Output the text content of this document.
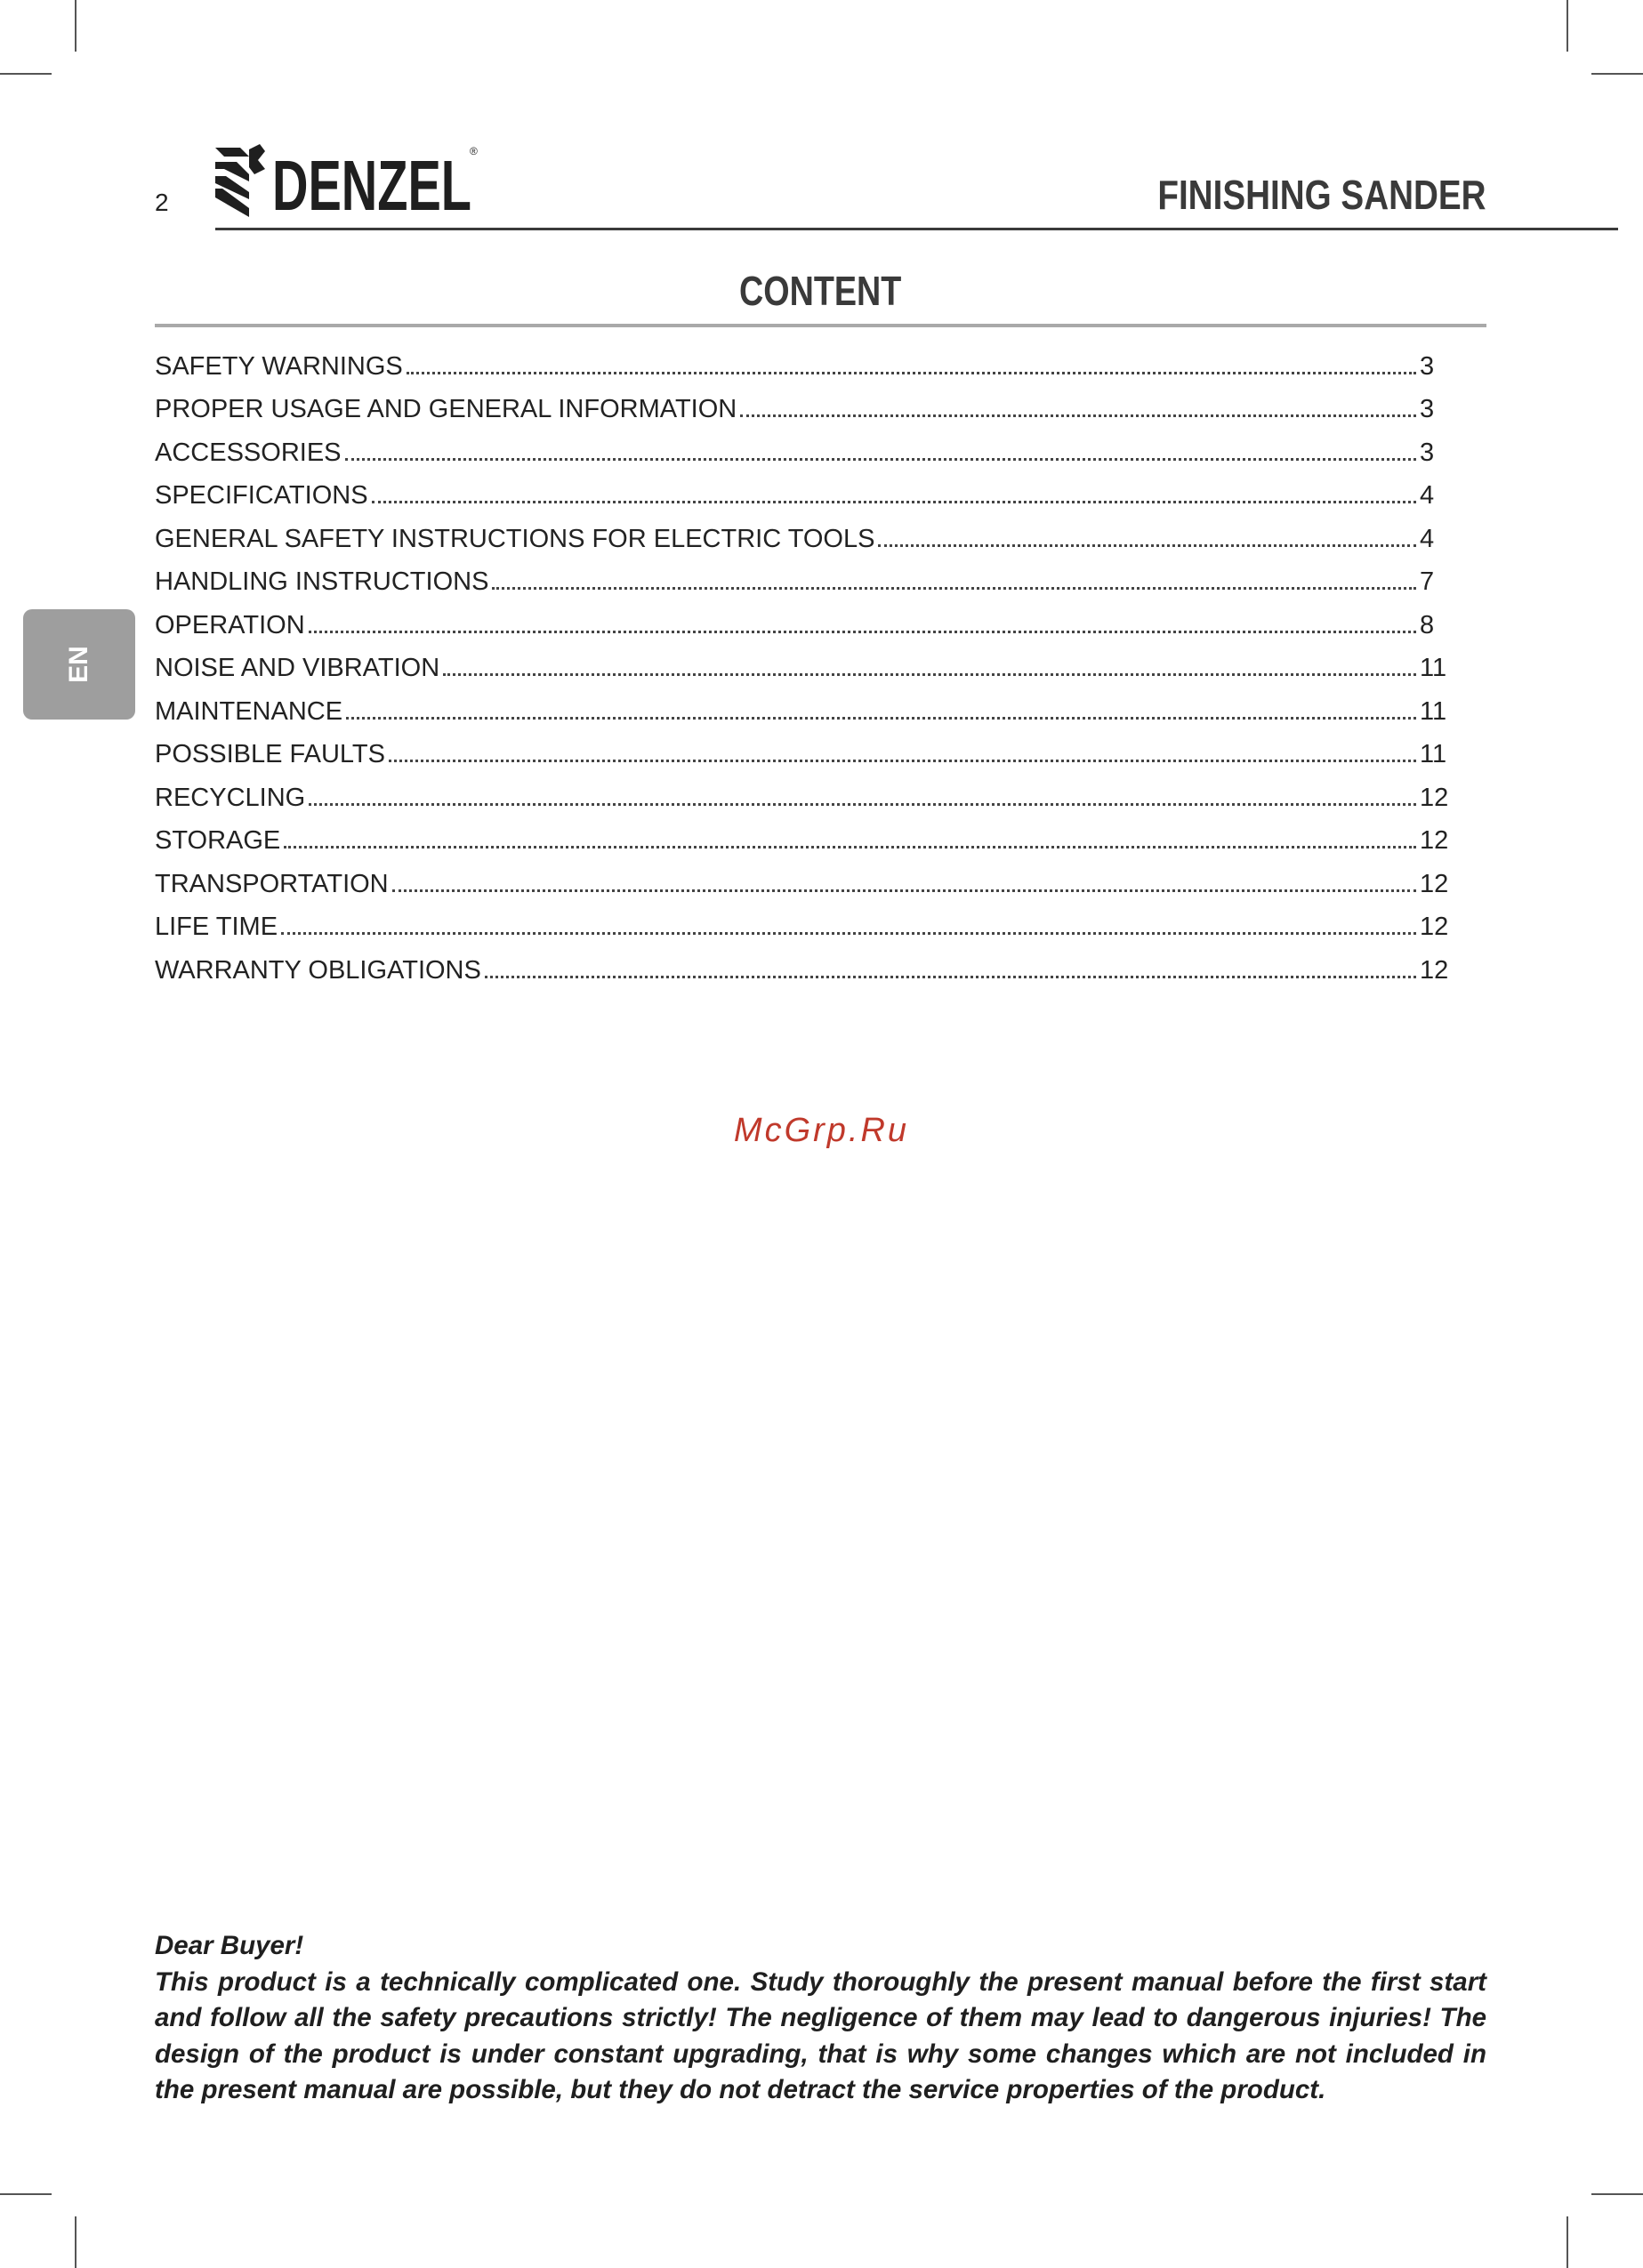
2 DENZEL
®
FINISHING SANDER
EN
CONTENT
SAFETY WARNINGS	3
PROPER USAGE AND GENERAL INFORMATION	3
ACCESSORIES	3
SPECIFICATIONS	4
GENERAL SAFETY INSTRUCTIONS FOR ELECTRIC TOOLS	4
HANDLING INSTRUCTIONS	7
OPERATION	8
NOISE AND VIBRATION	11
MAINTENANCE	11
POSSIBLE FAULTS	11
RECYCLING	12
STORAGE	12
TRANSPORTATION	12
LIFE TIME	12
WARRANTY OBLIGATIONS	12
McGrp.Ru

Dear Buyer!

This product is a technically complicated one. Study thoroughly the present manual before the first start and follow all the safety precautions strictly! The negligence of them may lead to dangerous injuries! The design of the product is under constant upgrading, that is why some changes which are not included in the present manual are possible, but they do not detract the service properties of the product.
